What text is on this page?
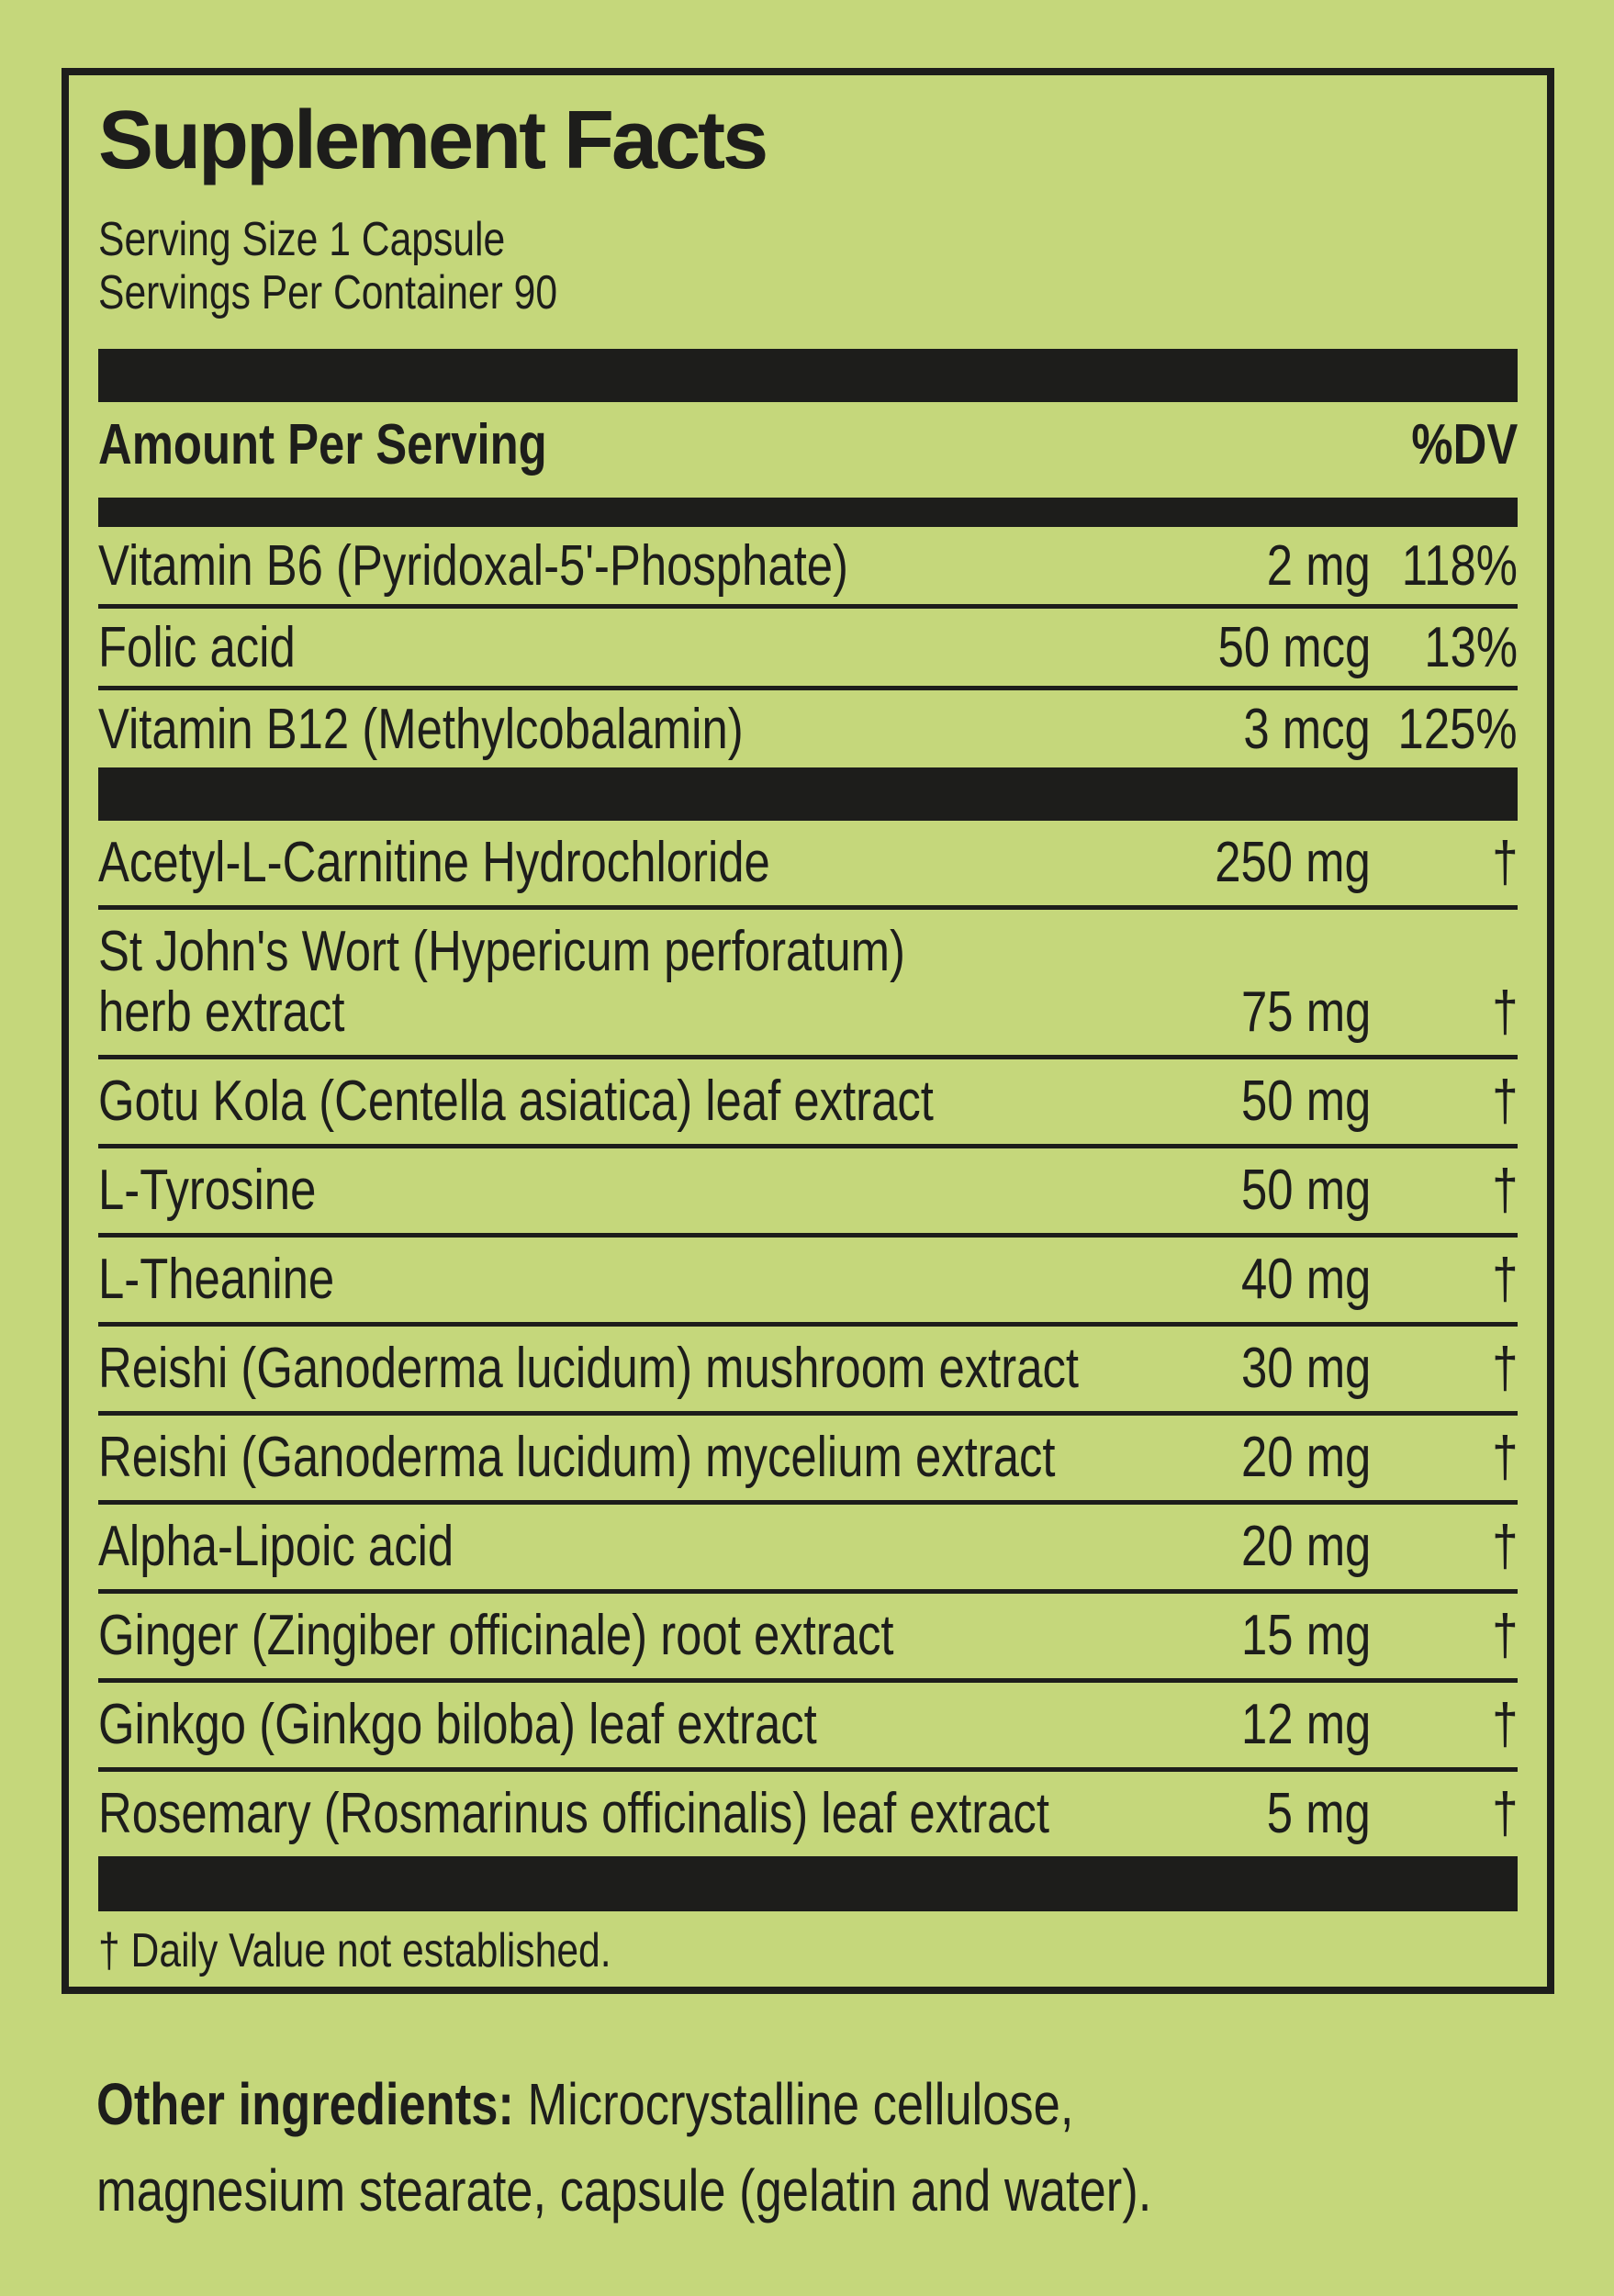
Supplement Facts
Serving Size 1 Capsule
Servings Per Container 90
Amount Per Serving	%DV
Vitamin B6 (Pyridoxal-5'-Phosphate)	2 mg 118%
Folic acid	50 mcg 13%
Vitamin B12 (Methylcobalamin)	3 mcg 125%
Acetyl-L-Carnitine Hydrochloride	250 mg	†
St John's Wort (Hypericum perforatum)
herb extract	75 mg	†
Gotu Kola (Centella asiatica) leaf extract	50 mg	†
L-Tyrosine	50 mg	†
L-Theanine	40 mg	†
Reishi (Ganoderma lucidum) mushroom extract	30 mg	†
Reishi (Ganoderma lucidum) mycelium extract	20 mg	†
Alpha-Lipoic acid	20 mg	†
Ginger (Zingiber officinale) root extract	15 mg	†
Ginkgo (Ginkgo biloba) leaf extract	12 mg	†
Rosemary (Rosmarinus officinalis) leaf extract	5 mg	†
† Daily Value not established.
Other ingredients: Microcrystalline cellulose,
magnesium stearate, capsule (gelatin and water).
